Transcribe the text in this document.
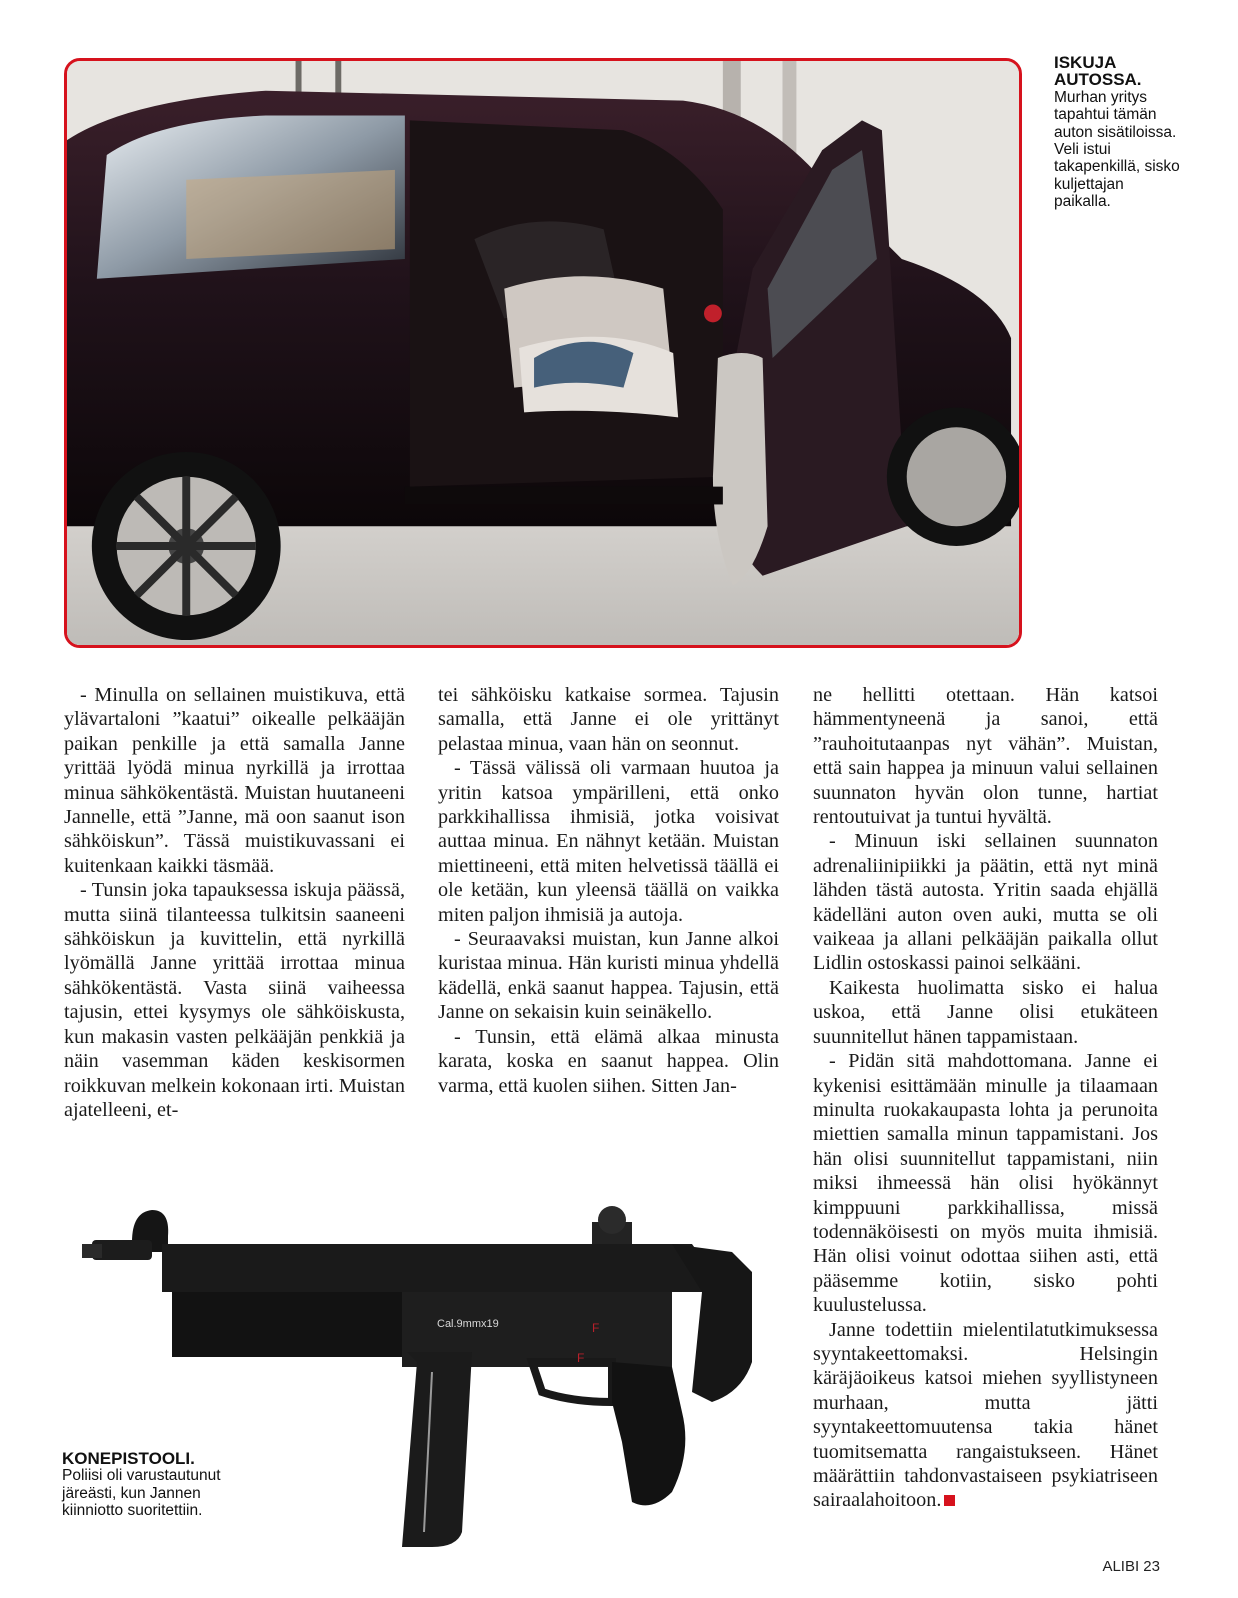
ISKUJA AUTOSSA.
Murhan yritys tapahtui tämän auton sisätiloissa. Veli istui takapenkillä, sisko kuljettajan paikalla.

- Minulla on sellainen muistikuva, että ylävartaloni ”kaatui” oikealle pelkääjän paikan penkille ja että samalla Janne yrittää lyödä minua nyrkillä ja irrottaa minua sähkökentästä. Muistan huutaneeni Jannelle, että ”Janne, mä oon saanut ison sähköiskun”. Tässä muistikuvassani ei kuitenkaan kaikki täsmää.

- Tunsin joka tapauksessa iskuja päässä, mutta siinä tilanteessa tulkitsin saaneeni sähköiskun ja kuvittelin, että nyrkillä lyömällä Janne yrittää irrottaa minua sähkökentästä. Vasta siinä vaiheessa tajusin, ettei kysymys ole sähköiskusta, kun makasin vasten pelkääjän penkkiä ja näin vasemman käden keskisormen roikkuvan melkein kokonaan irti. Muistan ajatelleeni, et-

tei sähköisku katkaise sormea. Tajusin samalla, että Janne ei ole yrittänyt pelastaa minua, vaan hän on seonnut.

- Tässä välissä oli varmaan huutoa ja yritin katsoa ympärilleni, että onko parkkihallissa ihmisiä, jotka voisivat auttaa minua. En nähnyt ketään. Muistan miettineeni, että miten helvetissä täällä ei ole ketään, kun yleensä täällä on vaikka miten paljon ihmisiä ja autoja.

- Seuraavaksi muistan, kun Janne alkoi kuristaa minua. Hän kuristi minua yhdellä kädellä, enkä saanut happea. Tajusin, että Janne on sekaisin kuin seinäkello.

- Tunsin, että elämä alkaa minusta karata, koska en saanut happea. Olin varma, että kuolen siihen. Sitten Jan-

ne hellitti otettaan. Hän katsoi hämmentyneenä ja sanoi, että ”rauhoitutaanpas nyt vähän”. Muistan, että sain happea ja minuun valui sellainen suunnaton hyvän olon tunne, hartiat rentoutuivat ja tuntui hyvältä.

- Minuun iski sellainen suunnaton adrenaliinipiikki ja päätin, että nyt minä lähden tästä autosta. Yritin saada ehjällä kädelläni auton oven auki, mutta se oli vaikeaa ja allani pelkääjän paikalla ollut Lidlin ostoskassi painoi selkääni.

Kaikesta huolimatta sisko ei halua uskoa, että Janne olisi etukäteen suunnitellut hänen tappamistaan.

- Pidän sitä mahdottomana. Janne ei kykenisi esittämään minulle ja tilaamaan minulta ruokakaupasta lohta ja perunoita miettien samalla minun tappamistani. Jos hän olisi suunnitellut tappamistani, niin miksi ihmeessä hän olisi hyökännyt kimppuuni parkkihallissa, missä todennäköisesti on myös muita ihmisiä. Hän olisi voinut odottaa siihen asti, että pääsemme kotiin, sisko pohti kuulustelussa.

Janne todettiin mielentilatutkimuksessa syyntakeettomaksi. Helsingin käräjäoikeus katsoi miehen syyllistyneen murhaan, mutta jätti syyntakeettomuutensa takia hänet tuomitsematta rangaistukseen. Hänet määrättiin tahdonvastaiseen psykiatriseen sairaalahoitoon.

Cal.9mmx19	F
F
KONEPISTOOLI.
Poliisi oli varustautunut järeästi, kun Jannen kiinniotto suoritettiin.
ALIBI 23
